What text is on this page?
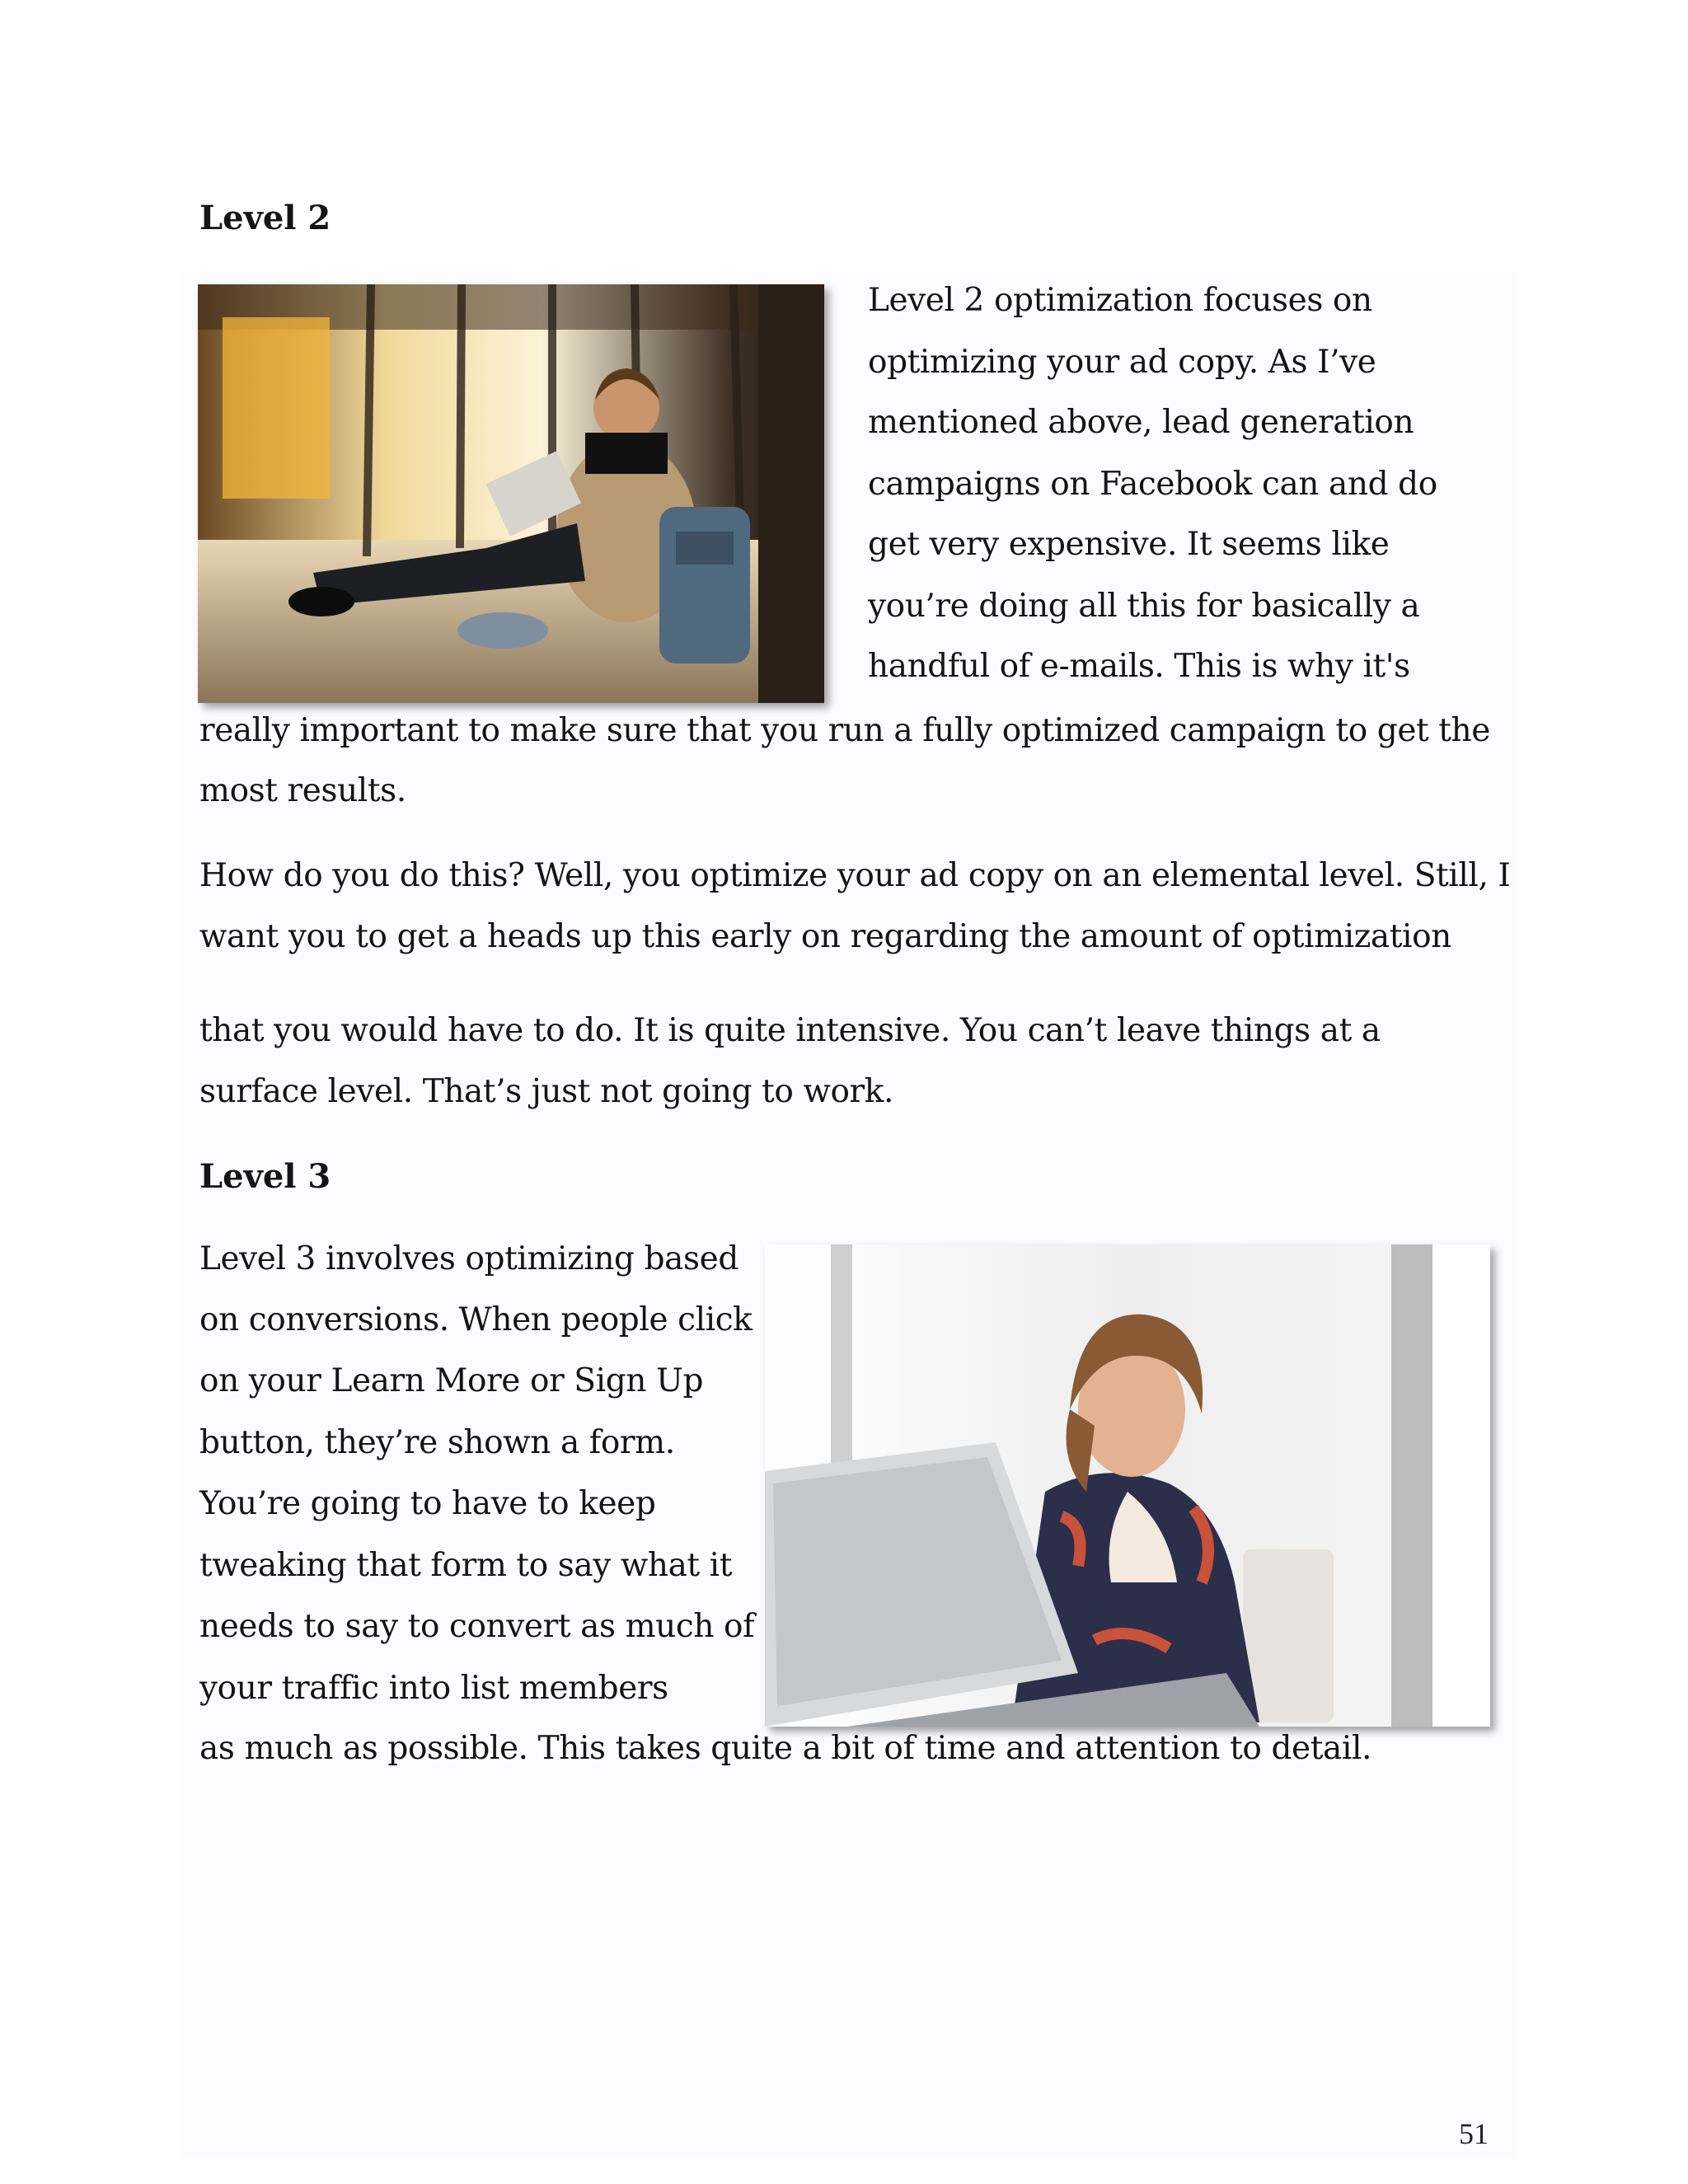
Level 2
Level 2 optimization focuses on
optimizing your ad copy. As I’ve
mentioned above, lead generation
campaigns on Facebook can and do
get very expensive. It seems like
you’re doing all this for basically a
handful of e-mails. This is why it's
really important to make sure that you run a fully optimized campaign to get the
most results.
How do you do this? Well, you optimize your ad copy on an elemental level. Still, I
want you to get a heads up this early on regarding the amount of optimization
that you would have to do. It is quite intensive. You can’t leave things at a
surface level. That’s just not going to work.
Level 3
Level 3 involves optimizing based
on conversions. When people click
on your Learn More or Sign Up
button, they’re shown a form.
You’re going to have to keep
tweaking that form to say what it
needs to say to convert as much of
your traffic into list members
as much as possible. This takes quite a bit of time and attention to detail.
51
